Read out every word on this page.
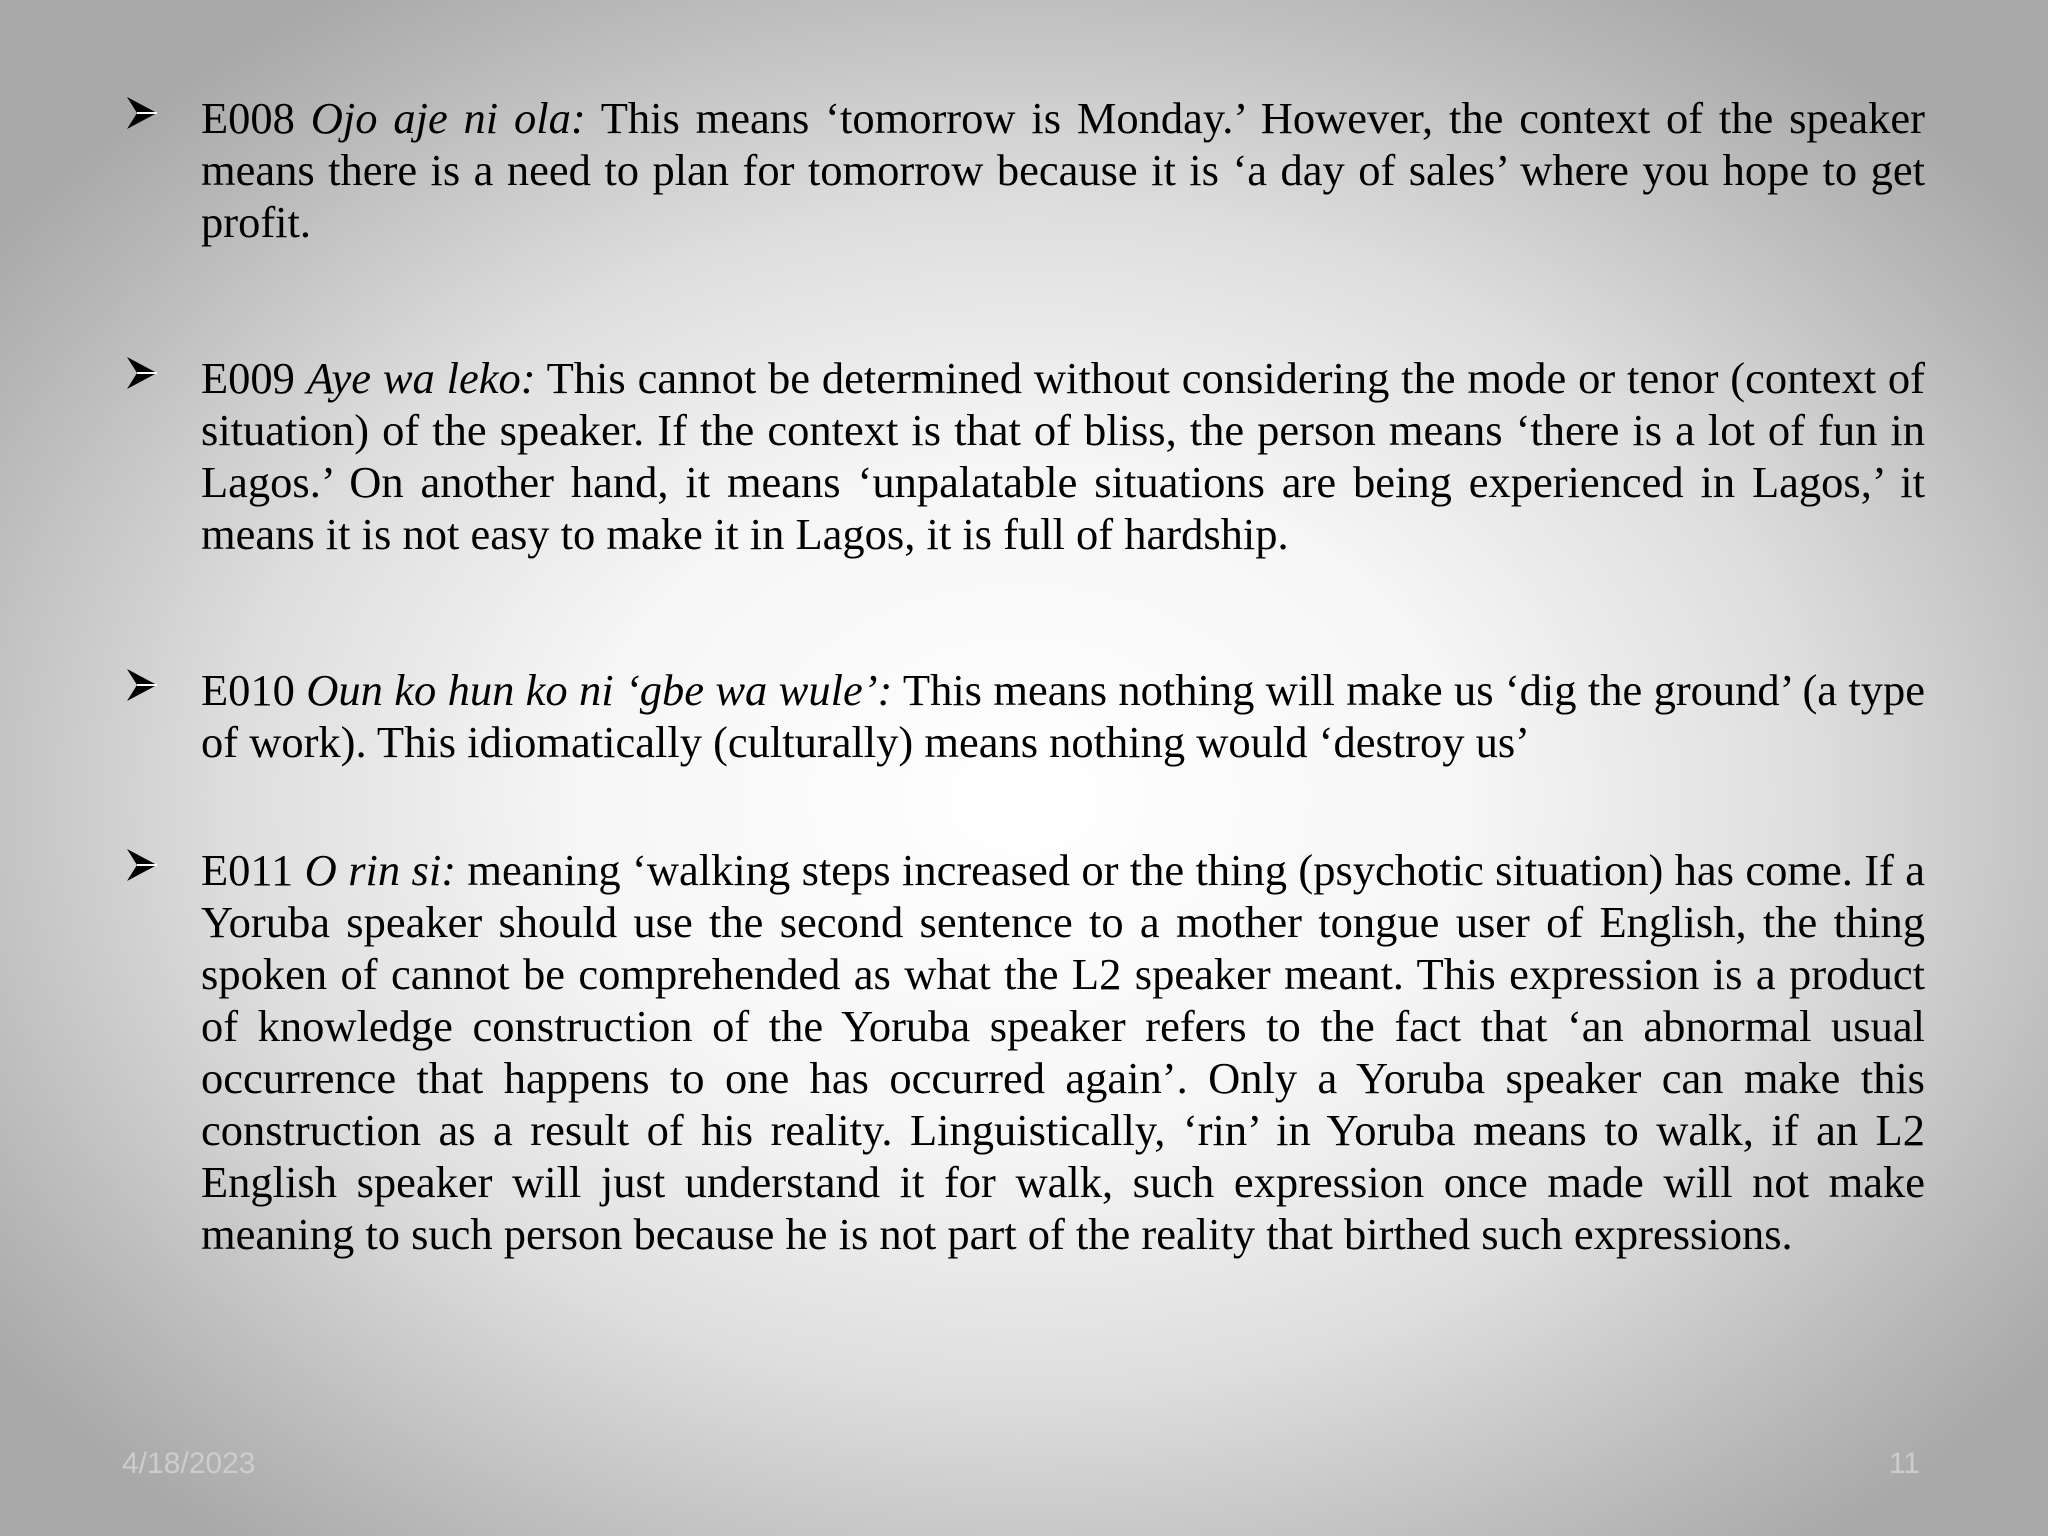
E008 Ojo aje ni ola: This means ‘tomorrow is Monday.’ However, the context of the speaker means there is a need to plan for tomorrow because it is ‘a day of sales’ where you hope to get profit.
E009 Aye wa leko: This cannot be determined without considering the mode or tenor (context of situation) of the speaker. If the context is that of bliss, the person means ‘there is a lot of fun in Lagos.’ On another hand, it means ‘unpalatable situations are being experienced in Lagos,’ it means it is not easy to make it in Lagos, it is full of hardship.
E010 Oun ko hun ko ni ‘gbe wa wule’: This means nothing will make us ‘dig the ground’ (a type of work). This idiomatically (culturally) means nothing would ‘destroy us’
E011 O rin si: meaning ‘walking steps increased or the thing (psychotic situation) has come. If a Yoruba speaker should use the second sentence to a mother tongue user of English, the thing spoken of cannot be comprehended as what the L2 speaker meant. This expression is a product of knowledge construction of the Yoruba speaker refers to the fact that ‘an abnormal usual occurrence that happens to one has occurred again’. Only a Yoruba speaker can make this construction as a result of his reality. Linguistically, ‘rin’ in Yoruba means to walk, if an L2 English speaker will just understand it for walk, such expression once made will not make meaning to such person because he is not part of the reality that birthed such expressions.
4/18/2023	11
